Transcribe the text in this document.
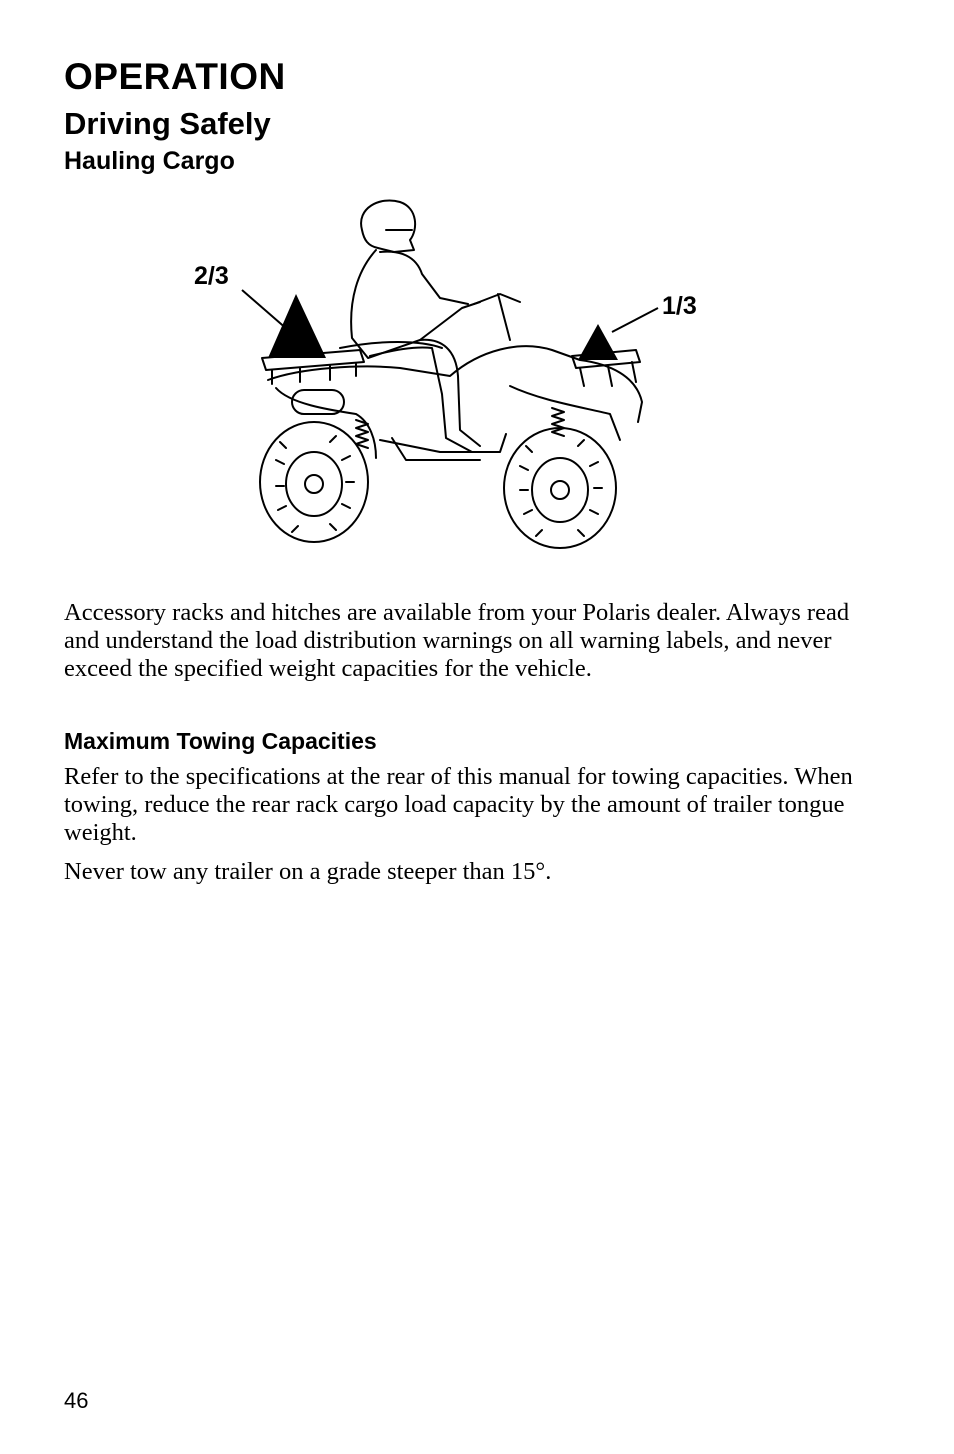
OPERATION
Driving Safely
Hauling Cargo
2/3
1/3

Accessory racks and hitches are available from your Polaris dealer. Always read and understand the load distribution warnings on all warning labels, and never exceed the specified weight capacities for the vehicle.

Maximum Towing Capacities

Refer to the specifications at the rear of this manual for towing capacities. When towing, reduce the rear rack cargo load capacity by the amount of trailer tongue weight.

Never tow any trailer on a grade steeper than 15°.

46
